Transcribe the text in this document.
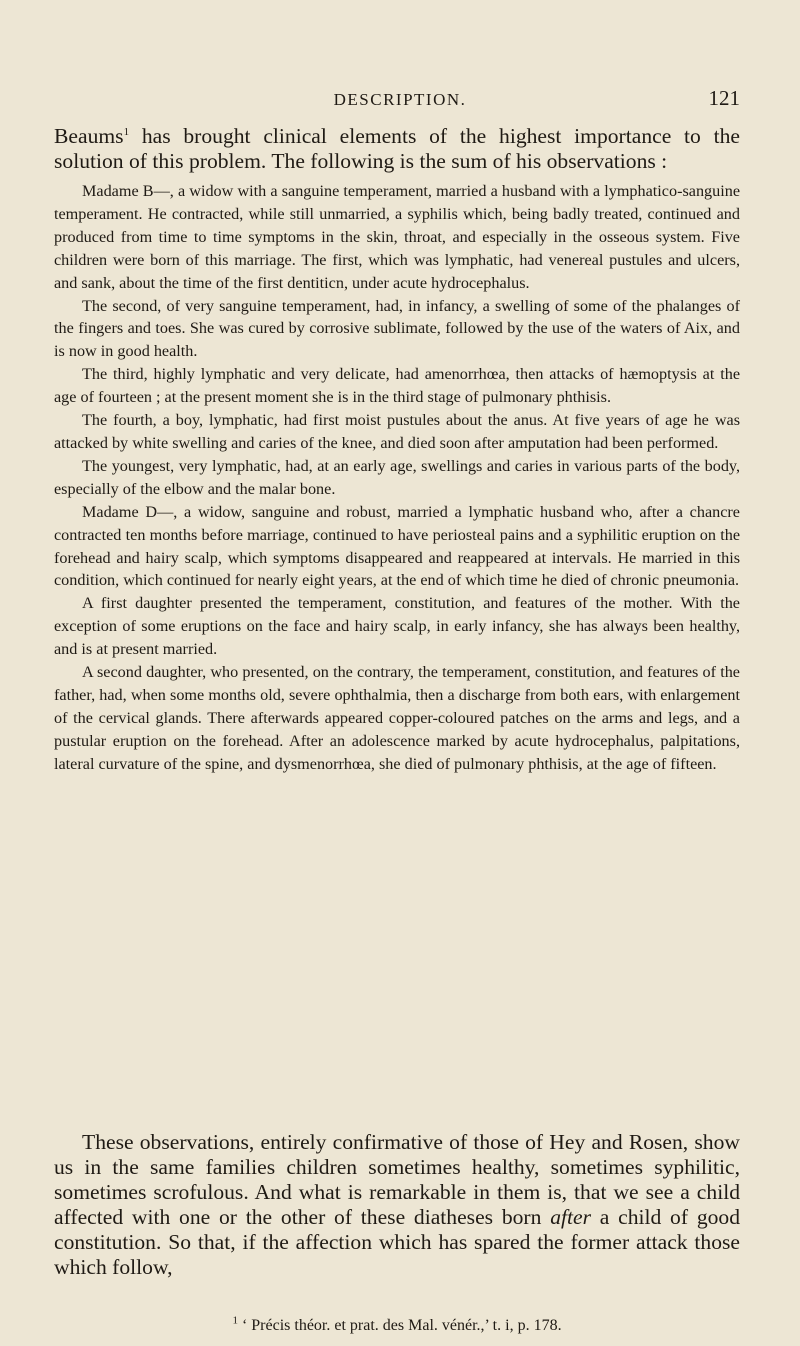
DESCRIPTION.	121

Beaums$^1$ has brought clinical elements of the highest importance to the solution of this problem. The following is the sum of his observations :

Madame B—, a widow with a sanguine temperament, married a husband with a lymphatico-sanguine temperament. He contracted, while still unmarried, a syphilis which, being badly treated, continued and produced from time to time symptoms in the skin, throat, and especially in the osseous system. Five children were born of this marriage. The first, which was lymphatic, had venereal pustules and ulcers, and sank, about the time of the first dentiticn, under acute hydrocephalus.

The second, of very sanguine temperament, had, in infancy, a swelling of some of the phalanges of the fingers and toes. She was cured by corrosive sublimate, followed by the use of the waters of Aix, and is now in good health.

The third, highly lymphatic and very delicate, had amenorrhœa, then attacks of hæmoptysis at the age of fourteen ; at the present moment she is in the third stage of pulmonary phthisis.

The fourth, a boy, lymphatic, had first moist pustules about the anus. At five years of age he was attacked by white swelling and caries of the knee, and died soon after amputation had been performed.

The youngest, very lymphatic, had, at an early age, swellings and caries in various parts of the body, especially of the elbow and the malar bone.

Madame D—, a widow, sanguine and robust, married a lymphatic husband who, after a chancre contracted ten months before marriage, continued to have periosteal pains and a syphilitic eruption on the forehead and hairy scalp, which symptoms disappeared and reappeared at intervals. He married in this condition, which continued for nearly eight years, at the end of which time he died of chronic pneumonia.

A first daughter presented the temperament, constitution, and features of the mother. With the exception of some eruptions on the face and hairy scalp, in early infancy, she has always been healthy, and is at present married.

A second daughter, who presented, on the contrary, the temperament, constitution, and features of the father, had, when some months old, severe ophthalmia, then a discharge from both ears, with enlargement of the cervical glands. There afterwards appeared copper-coloured patches on the arms and legs, and a pustular eruption on the forehead. After an adolescence marked by acute hydrocephalus, palpitations, lateral curvature of the spine, and dysmenorrhœa, she died of pulmonary phthisis, at the age of fifteen.

These observations, entirely confirmative of those of Hey and Rosen, show us in the same families children sometimes healthy, sometimes syphilitic, sometimes scrofulous. And what is remarkable in them is, that we see a child affected with one or the other of these diatheses born after a child of good constitution. So that, if the affection which has spared the former attack those which follow,

$^1$ ‘ Précis théor. et prat. des Mal. vénér.,’ t. i, p. 178.
